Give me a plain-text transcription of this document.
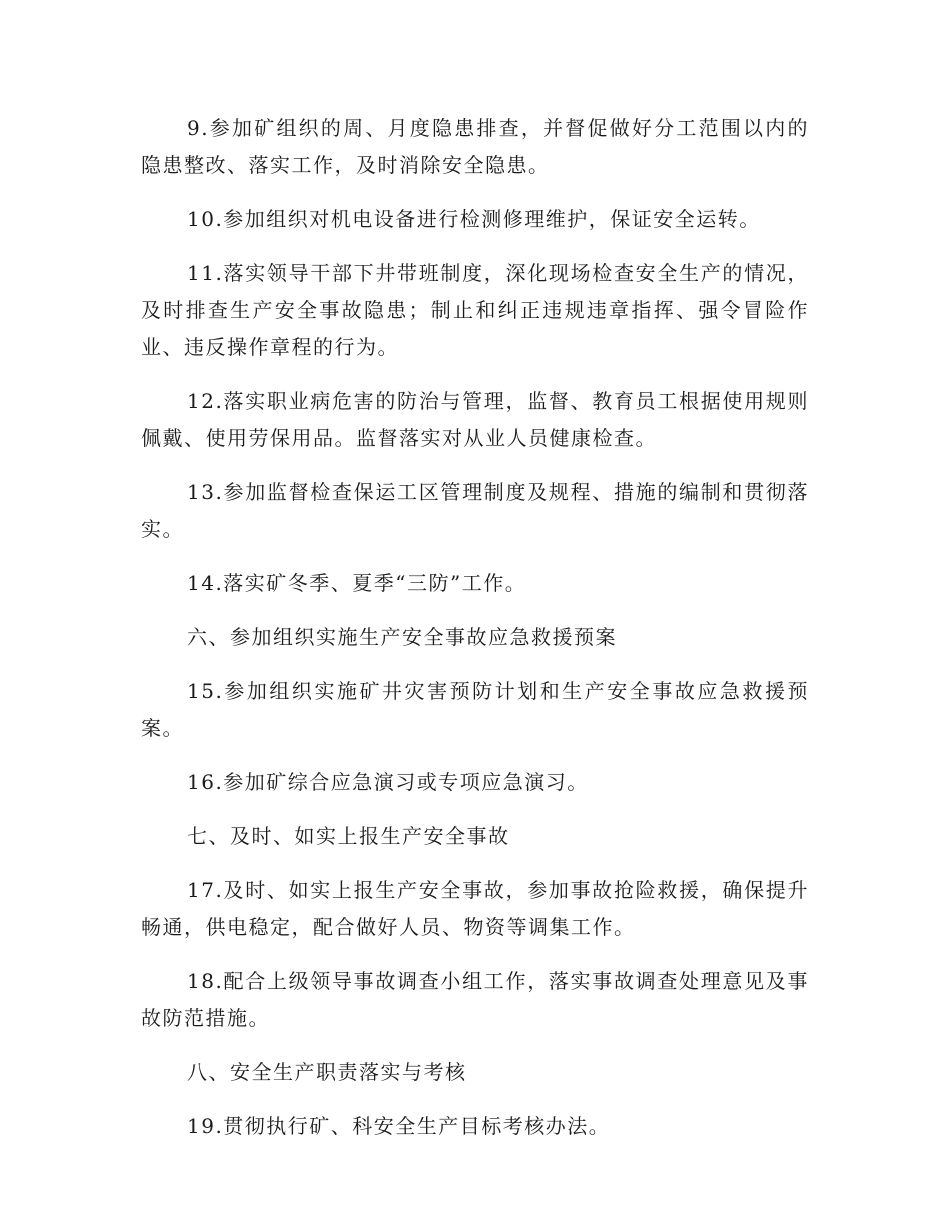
9.参加矿组织的周、月度隐患排查，并督促做好分工范围以内的隐患整改、落实工作，及时消除安全隐患。

10.参加组织对机电设备进行检测修理维护，保证安全运转。

11.落实领导干部下井带班制度，深化现场检查安全生产的情况，及时排查生产安全事故隐患；制止和纠正违规违章指挥、强令冒险作业、违反操作章程的行为。

12.落实职业病危害的防治与管理，监督、教育员工根据使用规则佩戴、使用劳保用品。监督落实对从业人员健康检查。

13.参加监督检查保运工区管理制度及规程、措施的编制和贯彻落实。

14.落实矿冬季、夏季“三防”工作。

六、参加组织实施生产安全事故应急救援预案

15.参加组织实施矿井灾害预防计划和生产安全事故应急救援预案。

16.参加矿综合应急演习或专项应急演习。

七、及时、如实上报生产安全事故

17.及时、如实上报生产安全事故，参加事故抢险救援，确保提升畅通，供电稳定，配合做好人员、物资等调集工作。

18.配合上级领导事故调查小组工作，落实事故调查处理意见及事故防范措施。

八、安全生产职责落实与考核

19.贯彻执行矿、科安全生产目标考核办法。
